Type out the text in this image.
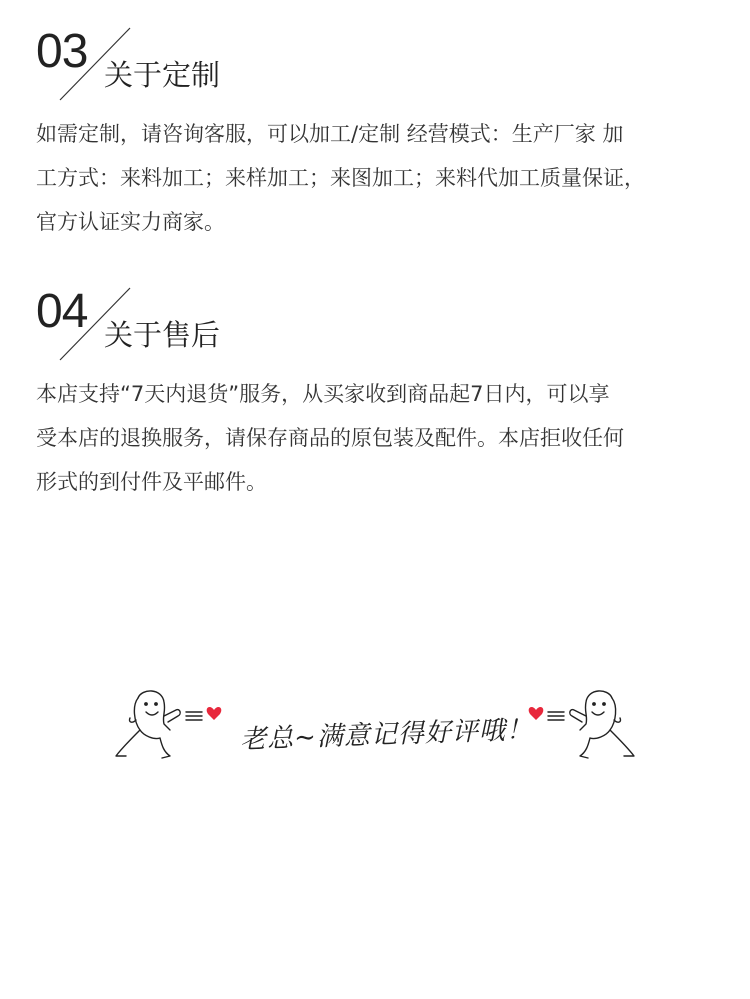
03 关于定制
如需定制，请咨询客服，可以加工/定制 经营模式：生产厂家 加
工方式：来料加工；来样加工；来图加工；来料代加工质量保证，
官方认证实力商家。
04 关于售后
本店支持“7天内退货”服务，从买家收到商品起7日内，可以享
受本店的退换服务，请保存商品的原包装及配件。本店拒收任何
形式的到付件及平邮件。
老总~满意记得好评哦！
